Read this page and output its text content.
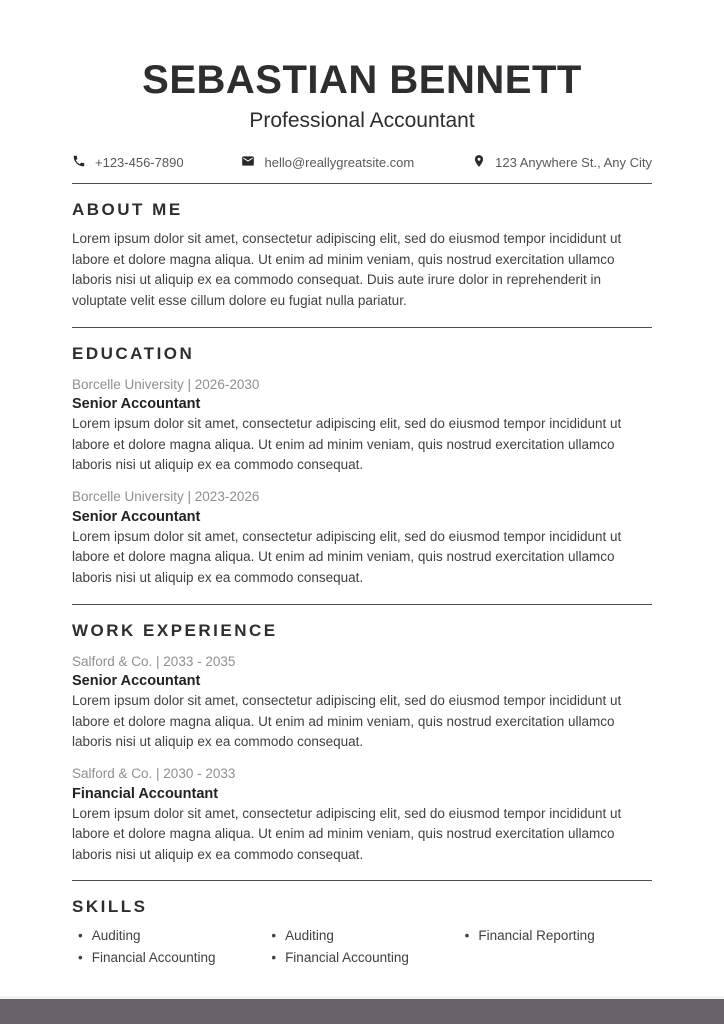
SEBASTIAN BENNETT
Professional Accountant
+123-456-7890	hello@reallygreatsite.com	123 Anywhere St., Any City
ABOUT ME
Lorem ipsum dolor sit amet, consectetur adipiscing elit, sed do eiusmod tempor incididunt ut labore et dolore magna aliqua. Ut enim ad minim veniam, quis nostrud exercitation ullamco laboris nisi ut aliquip ex ea commodo consequat. Duis aute irure dolor in reprehenderit in voluptate velit esse cillum dolore eu fugiat nulla pariatur.
EDUCATION
Borcelle University | 2026-2030
Senior Accountant
Lorem ipsum dolor sit amet, consectetur adipiscing elit, sed do eiusmod tempor incididunt ut labore et dolore magna aliqua. Ut enim ad minim veniam, quis nostrud exercitation ullamco laboris nisi ut aliquip ex ea commodo consequat.
Borcelle University | 2023-2026
Senior Accountant
Lorem ipsum dolor sit amet, consectetur adipiscing elit, sed do eiusmod tempor incididunt ut labore et dolore magna aliqua. Ut enim ad minim veniam, quis nostrud exercitation ullamco laboris nisi ut aliquip ex ea commodo consequat.
WORK EXPERIENCE
Salford & Co. | 2033 - 2035
Senior Accountant
Lorem ipsum dolor sit amet, consectetur adipiscing elit, sed do eiusmod tempor incididunt ut labore et dolore magna aliqua. Ut enim ad minim veniam, quis nostrud exercitation ullamco laboris nisi ut aliquip ex ea commodo consequat.
Salford & Co. | 2030 - 2033
Financial Accountant
Lorem ipsum dolor sit amet, consectetur adipiscing elit, sed do eiusmod tempor incididunt ut labore et dolore magna aliqua. Ut enim ad minim veniam, quis nostrud exercitation ullamco laboris nisi ut aliquip ex ea commodo consequat.
SKILLS
• Auditing
• Financial Accounting
• Auditing
• Financial Accounting
• Financial Reporting
